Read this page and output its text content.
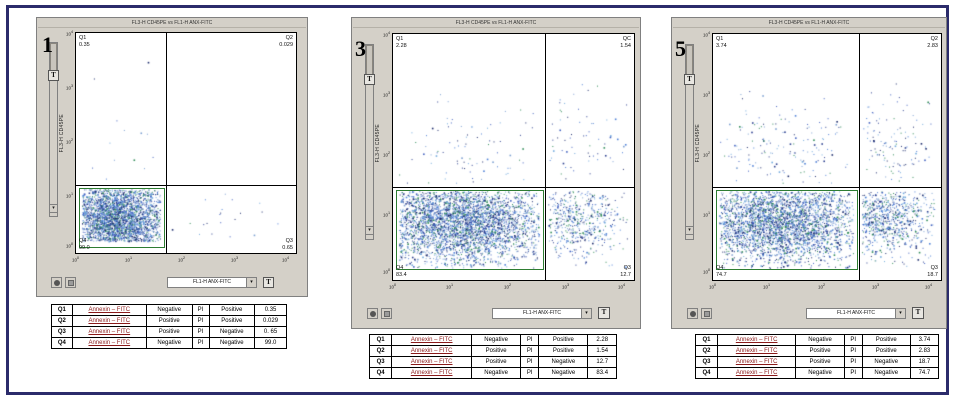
FL3-H CD45PE vs FL1-H ANX-FITC
T
▾
FL3-H CD45PE
Q1
0.35
Q2
0.029
Q4
99.0
Q3
0.65
$10^4$
$10^3$
$10^2$
$10^1$
$10^0$
$10^0$	$10^1$	$10^2$	$10^3$	$10^4$
FL1-H ANX-FITC	▾	T
1
Q1	Annexin – FITC	Negative	PI	Positive	0.35
Q2	Annexin – FITC	Positive	PI	Positive	0.029
Q3	Annexin – FITC	Positive	PI	Negative	0. 65
Q4	Annexin – FITC	Negative	PI	Negative	99.0
FL3-H CD45PE vs FL1-H ANX-FITC
T
▾
FL3-H CD45PE
Q1
2.28
QC
1.54
Q4
83.4
Q3
12.7
$10^4$
$10^3$
$10^2$
$10^1$
$10^0$
$10^0$	$10^1$	$10^2$	$10^3$	$10^4$
FL1-H ANX-FITC	▾	T
3
Q1	Annexin – FITC	Negative	PI	Positive	2.28
Q2	Annexin – FITC	Positive	PI	Positive	1.54
Q3	Annexin – FITC	Positive	PI	Negative	12.7
Q4	Annexin – FITC	Negative	PI	Negative	83.4
FL3-H CD45PE vs FL1-H ANX-FITC
T
▾
FL3-H CD45PE
Q1
3.74
Q2
2.83
Q4
74.7
Q3
18.7
$10^4$
$10^3$
$10^2$
$10^1$
$10^0$
$10^0$	$10^1$	$10^2$	$10^3$	$10^4$
FL1-H ANX-FITC	▾	T
5
Q1	Annexin – FITC	Negative	PI	Positive	3.74
Q2	Annexin – FITC	Positive	PI	Positive	2.83
Q3	Annexin – FITC	Positive	PI	Negative	18.7
Q4	Annexin – FITC	Negative	PI	Negative	74.7
